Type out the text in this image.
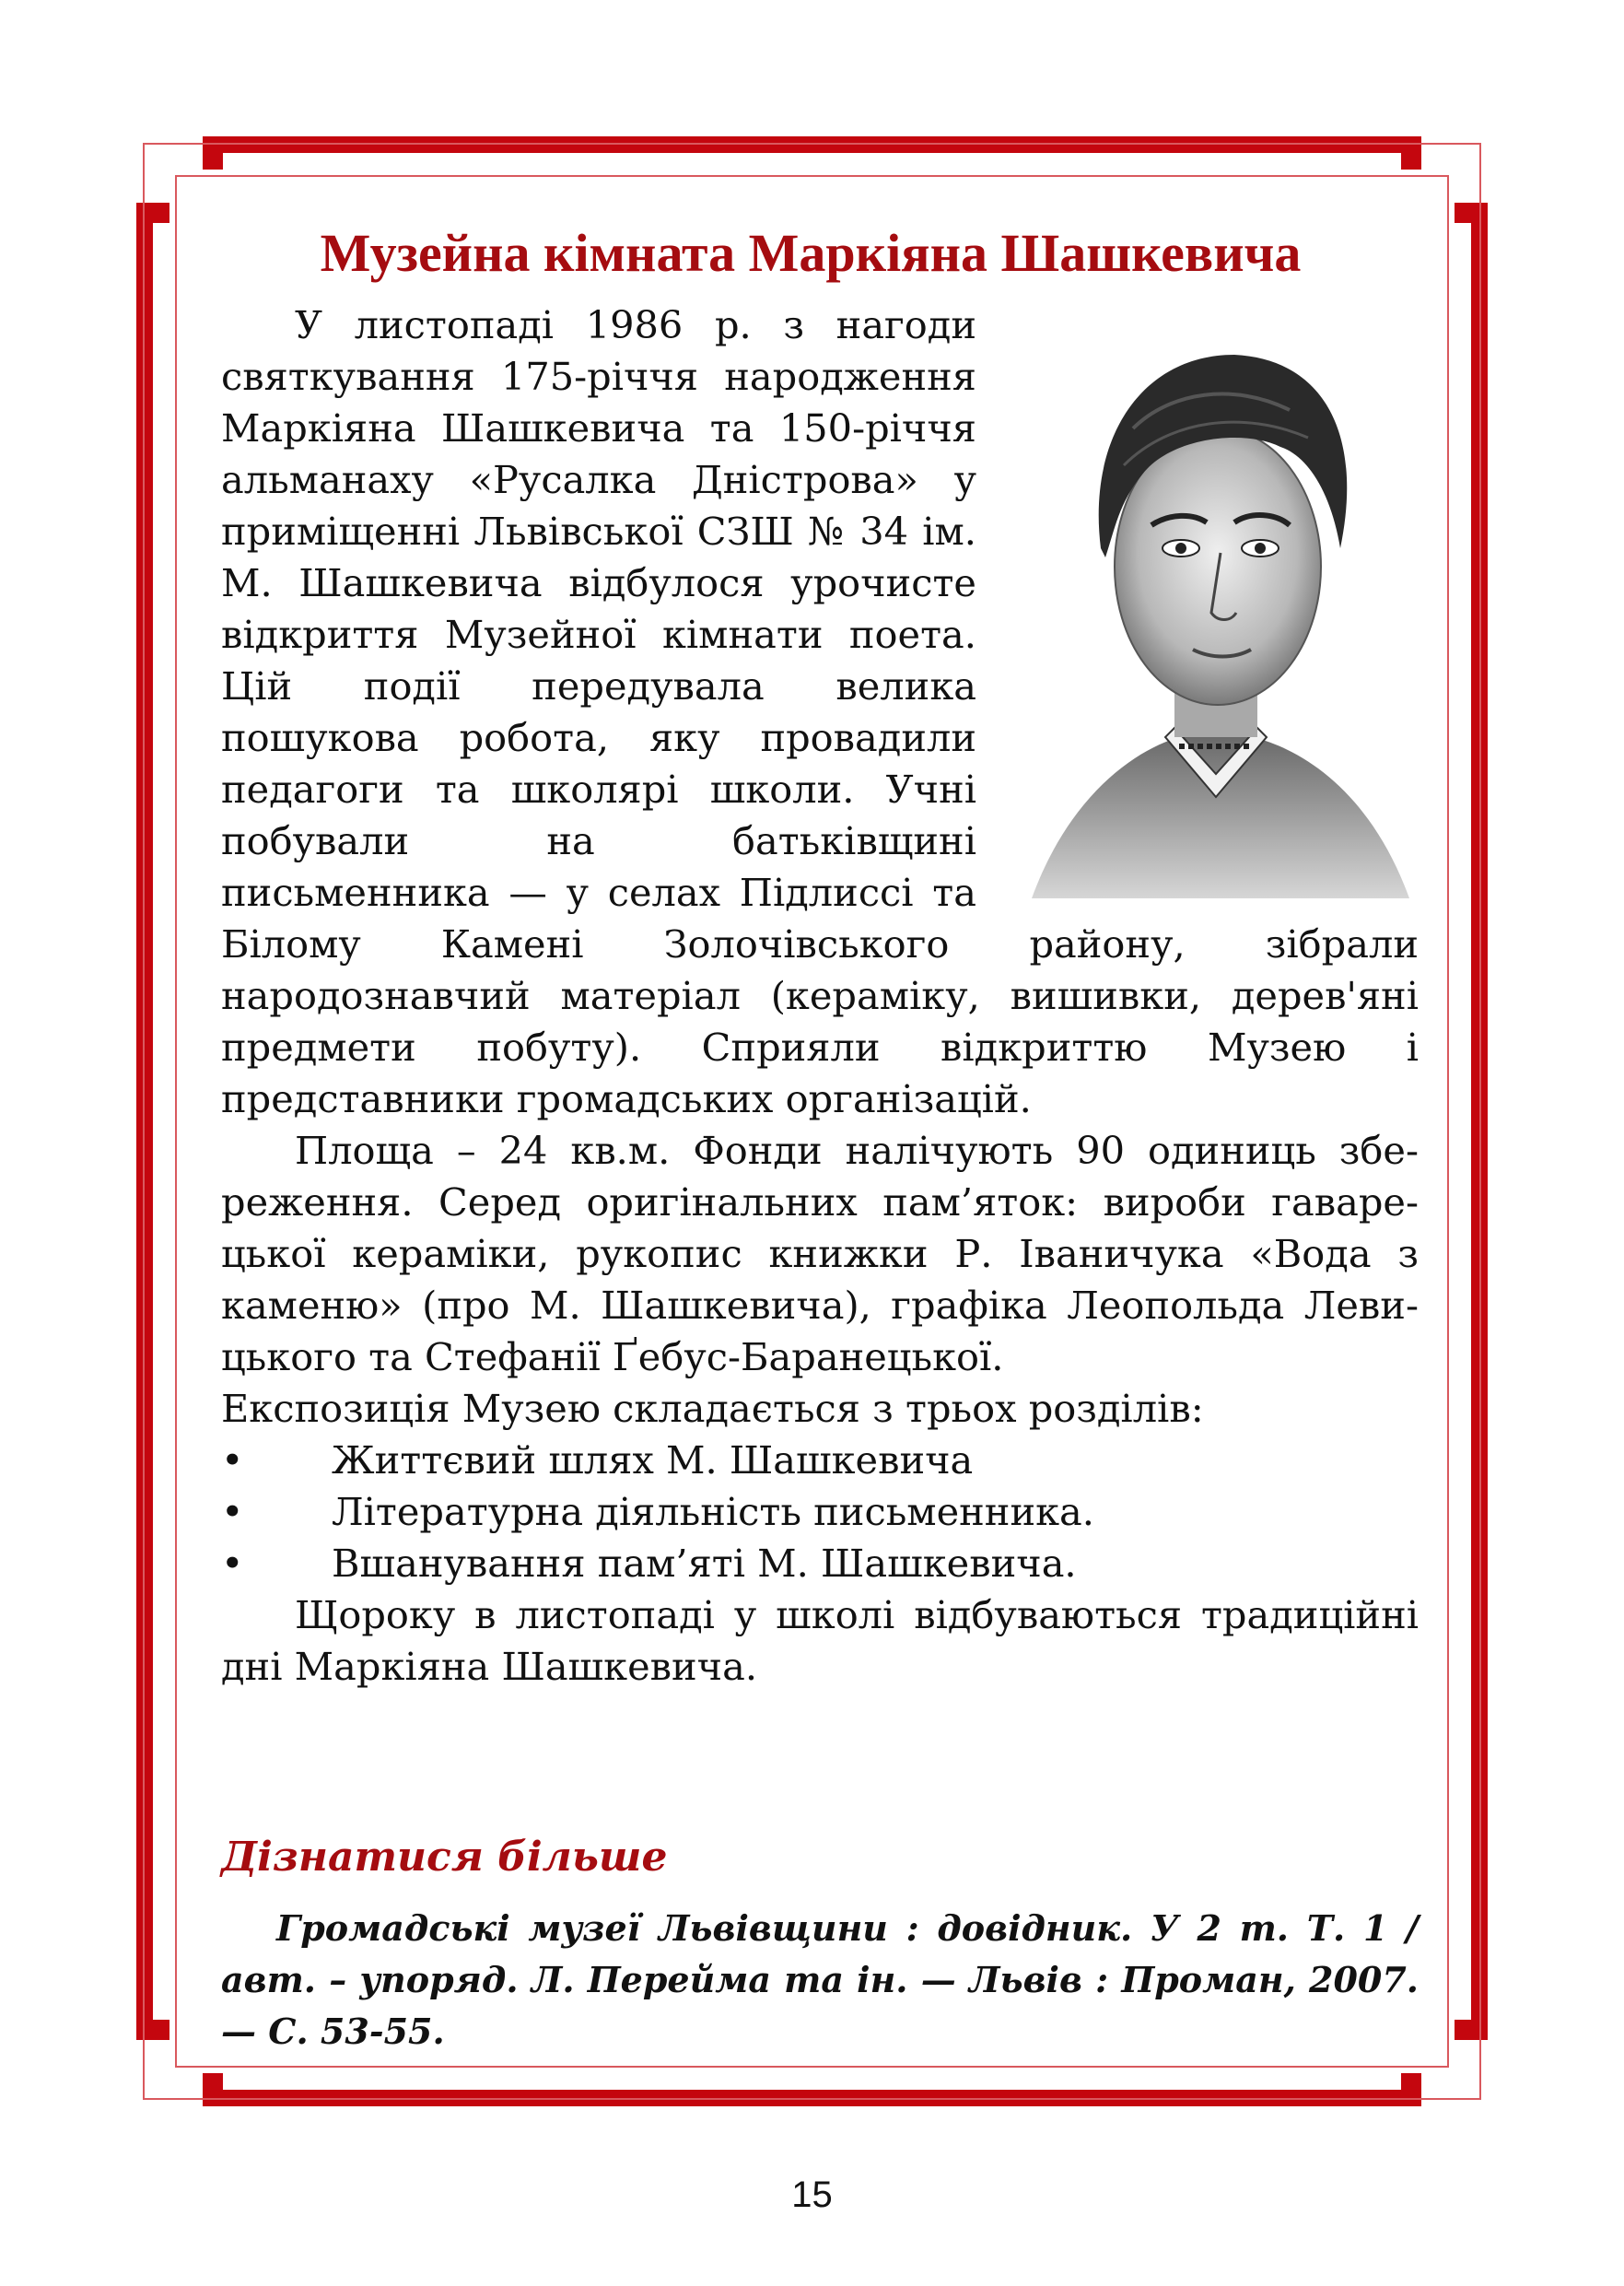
Музейна кімната Маркіяна Шашкевича

У листопаді 1986 р. з нагоди святкування 175-річчя народження Маркіяна Шашкевича та 150-річчя альманаху «Русалка Дністрова» у приміщенні Львівської СЗШ № 34 ім. М. Шашкевича відбулося урочисте відкриття Музейної кімнати поета. Цій події передувала велика пошукова робота, яку провадили педагоги та школярі школи. Учні побували на батьківщині письменника — у селах Підлиссі та Білому Камені Золочівського району, зібрали народознавчий матеріал (кераміку, вишивки, дерев'яні предмети побуту). Сприяли відкриттю Музею і представники громадських організацій.

Площа – 24 кв.м. Фонди налічують 90 одиниць збереження. Серед оригінальних пам’яток: вироби гаварецької кераміки, рукопис книжки Р. Іваничука «Вода з каменю» (про М. Шашкевича), графіка Леопольда Левицького та Стефанії Ґебус-Баранецької.

Експозиція Музею складається з трьох розділів:

• Життєвий шлях М. Шашкевича
• Літературна діяльність письменника.
• Вшанування пам’яті М. Шашкевича.

Щороку в листопаді у школі відбуваються традиційні дні Маркіяна Шашкевича.

Дізнатися більше

Громадські музеї Львівщини : довідник. У 2 т. Т. 1 / авт. – упоряд. Л. Перейма та ін. — Львів : Проман, 2007.— С. 53-55.

15
